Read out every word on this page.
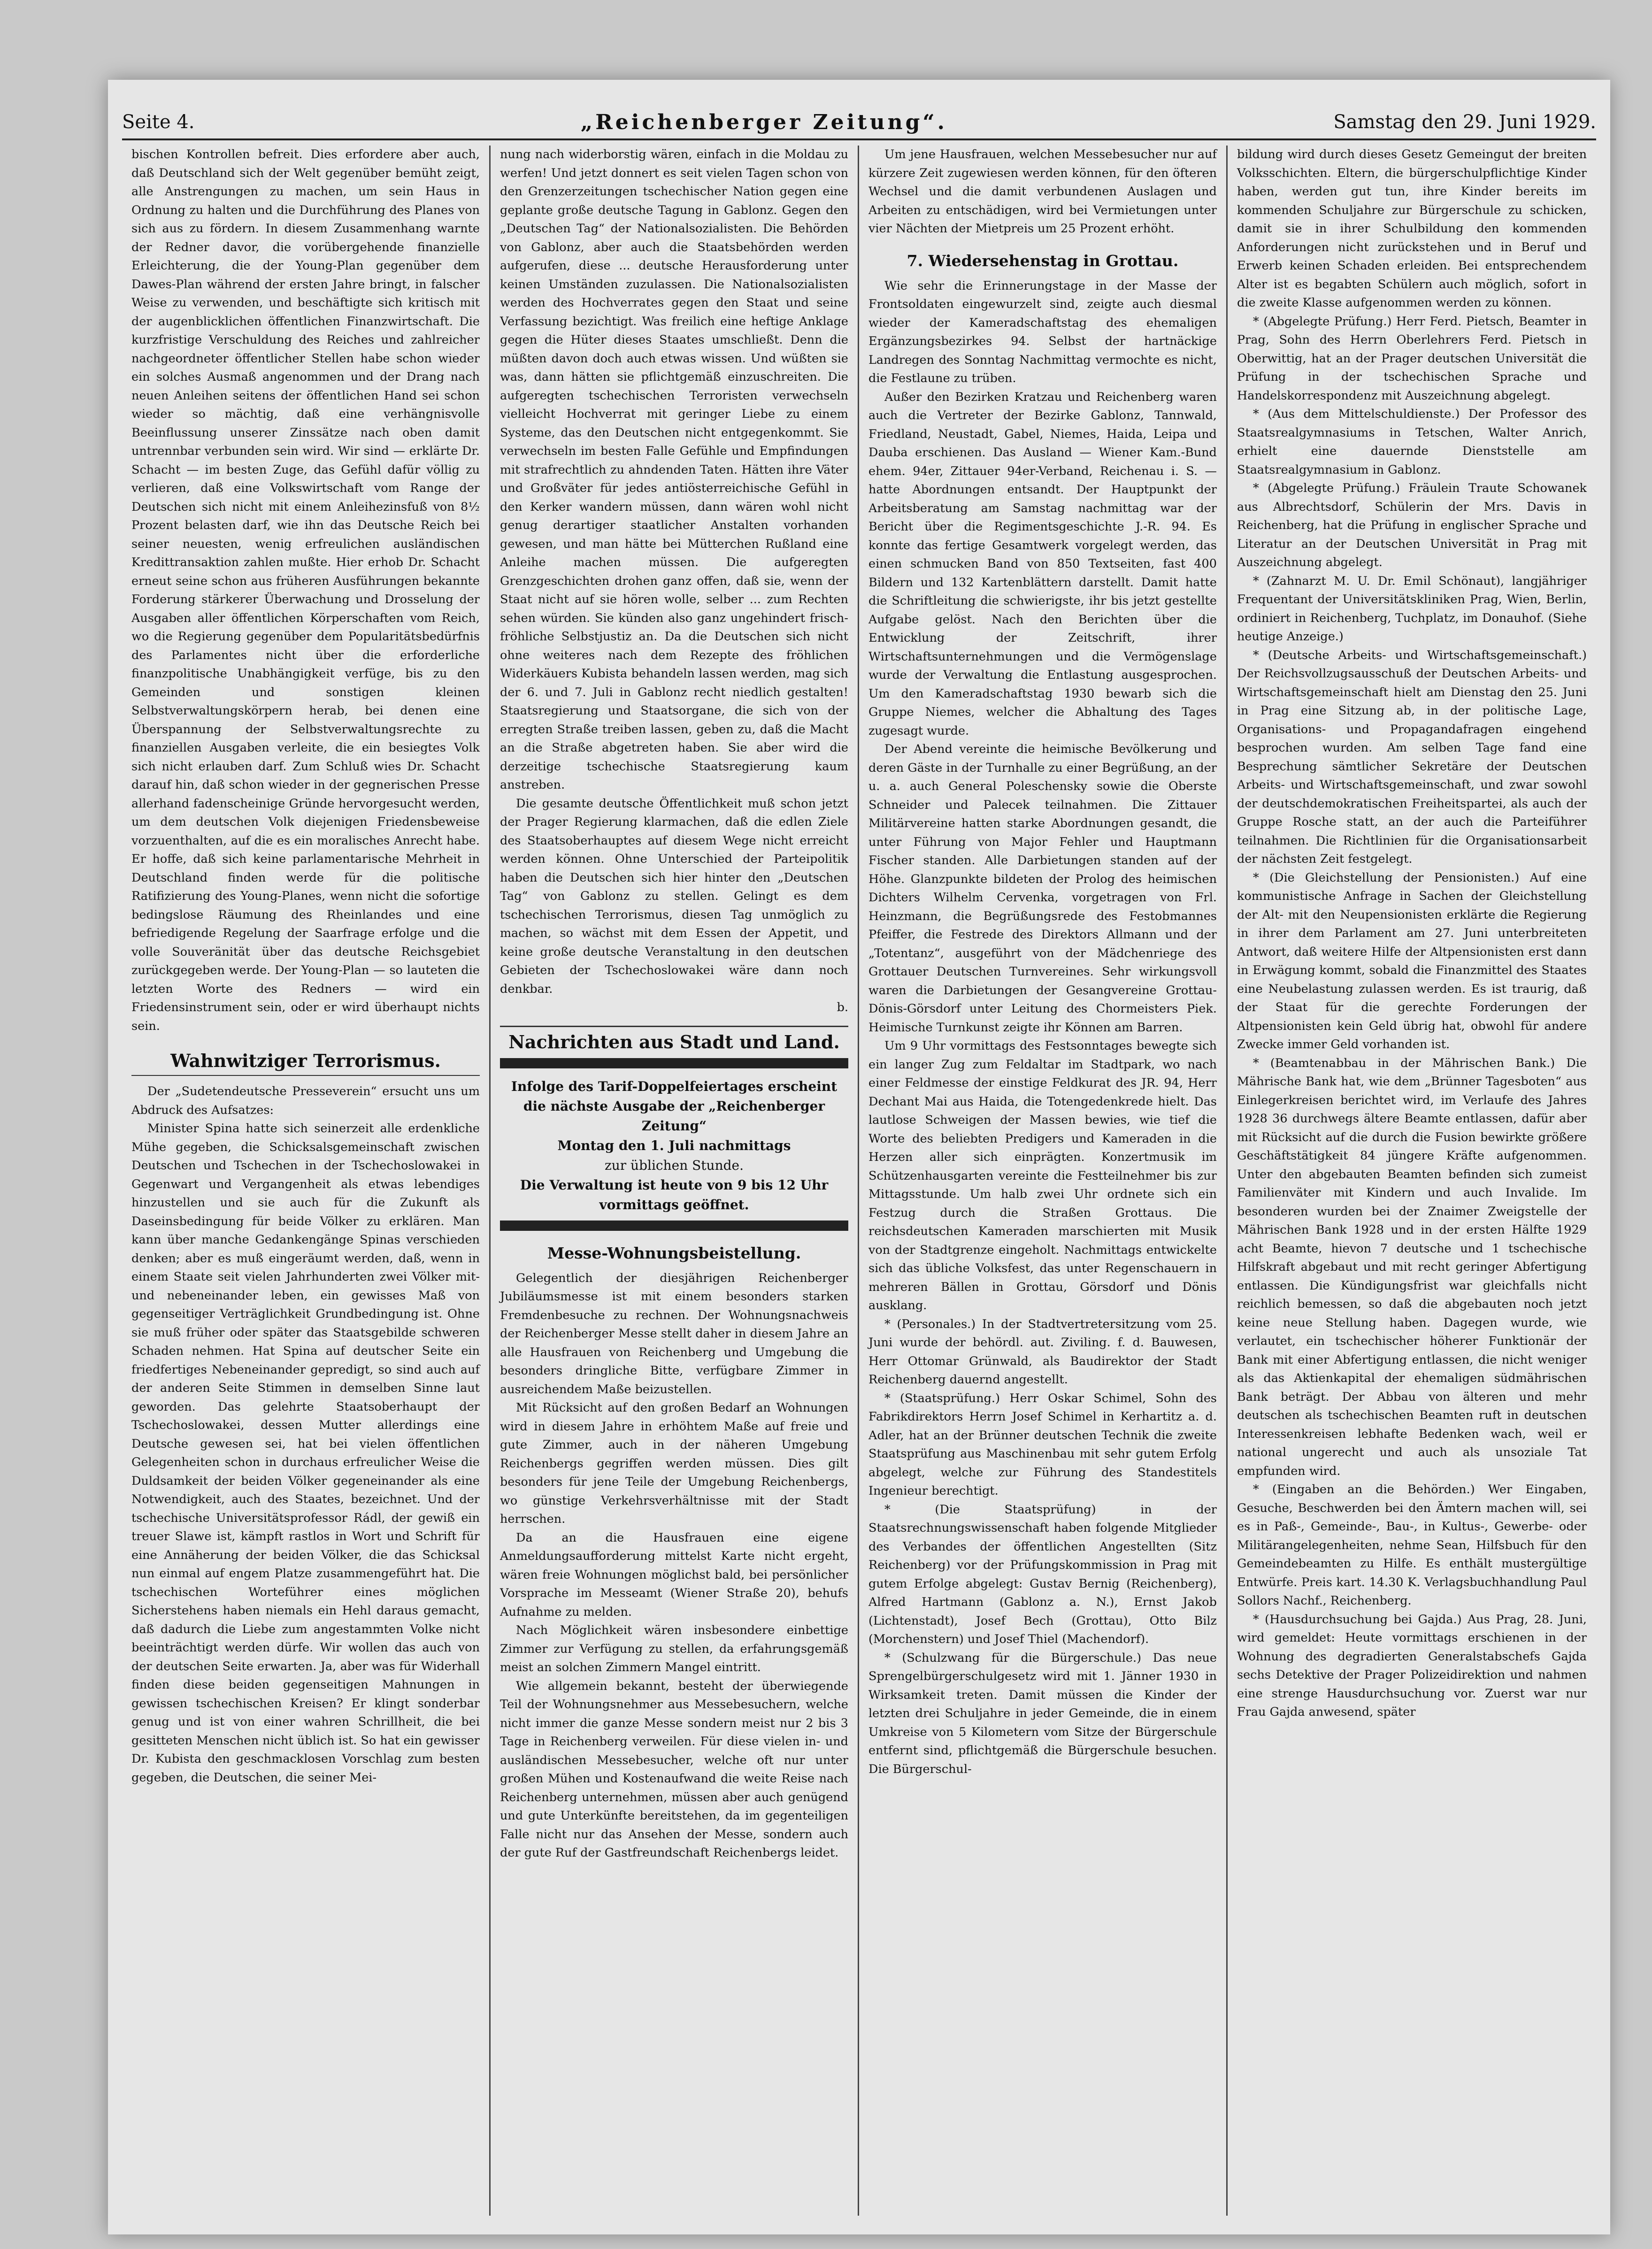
Seite 4.	„Reichenberger Zeitung“.	Samstag den 29. Juni 1929.

bischen Kontrollen befreit. Dies erfordere aber auch, daß Deutschland sich der Welt gegenüber bemüht zeigt, alle Anstrengungen zu machen, um sein Haus in Ordnung zu halten und die Durchführung des Planes von sich aus zu fördern. In diesem Zusammenhang warnte der Redner davor, die vorübergehende finanzielle Erleichterung, die der Young-Plan gegenüber dem Dawes-Plan während der ersten Jahre bringt, in falscher Weise zu verwenden, und beschäftigte sich kritisch mit der augenblicklichen öffentlichen Finanzwirtschaft. Die kurzfristige Verschuldung des Reiches und zahlreicher nachgeordneter öffentlicher Stellen habe schon wieder ein solches Ausmaß angenommen und der Drang nach neuen Anleihen seitens der öffentlichen Hand sei schon wieder so mächtig, daß eine verhängnisvolle Beeinflussung unserer Zinssätze nach oben damit untrennbar verbunden sein wird. Wir sind — erklärte Dr. Schacht — im besten Zuge, das Gefühl dafür völlig zu verlieren, daß eine Volkswirtschaft vom Range der Deutschen sich nicht mit einem Anleihezinsfuß von 8½ Prozent belasten darf, wie ihn das Deutsche Reich bei seiner neuesten, wenig erfreulichen ausländischen Kredittransaktion zahlen mußte. Hier erhob Dr. Schacht erneut seine schon aus früheren Ausführungen bekannte Forderung stärkerer Überwachung und Drosselung der Ausgaben aller öffentlichen Körperschaften vom Reich, wo die Regierung gegenüber dem Popularitätsbedürfnis des Parlamentes nicht über die erforderliche finanzpolitische Unabhängigkeit verfüge, bis zu den Gemeinden und sonstigen kleinen Selbstverwaltungskörpern herab, bei denen eine Überspannung der Selbstverwaltungsrechte zu finanziellen Ausgaben verleite, die ein besiegtes Volk sich nicht erlauben darf. Zum Schluß wies Dr. Schacht darauf hin, daß schon wieder in der gegnerischen Presse allerhand fadenscheinige Gründe hervorgesucht werden, um dem deutschen Volk diejenigen Friedensbeweise vorzuenthalten, auf die es ein moralisches Anrecht habe. Er hoffe, daß sich keine parlamentarische Mehrheit in Deutschland finden werde für die politische Ratifizierung des Young-Planes, wenn nicht die sofortige bedingslose Räumung des Rheinlandes und eine befriedigende Regelung der Saarfrage erfolge und die volle Souveränität über das deutsche Reichsgebiet zurückgegeben werde. Der Young-Plan — so lauteten die letzten Worte des Redners — wird ein Friedensinstrument sein, oder er wird überhaupt nichts sein.

Wahnwitziger Terrorismus.

Der „Sudetendeutsche Presseverein“ ersucht uns um Abdruck des Aufsatzes:

Minister Spina hatte sich seinerzeit alle erdenkliche Mühe gegeben, die Schicksalsgemeinschaft zwischen Deutschen und Tschechen in der Tschechoslowakei in Gegenwart und Vergangenheit als etwas lebendiges hinzustellen und sie auch für die Zukunft als Daseinsbedingung für beide Völker zu erklären. Man kann über manche Gedankengänge Spinas verschieden denken; aber es muß eingeräumt werden, daß, wenn in einem Staate seit vielen Jahrhunderten zwei Völker mit- und nebeneinander leben, ein gewisses Maß von gegenseitiger Verträglichkeit Grundbedingung ist. Ohne sie muß früher oder später das Staatsgebilde schweren Schaden nehmen. Hat Spina auf deutscher Seite ein friedfertiges Nebeneinander gepredigt, so sind auch auf der anderen Seite Stimmen in demselben Sinne laut geworden. Das gelehrte Staatsoberhaupt der Tschechoslowakei, dessen Mutter allerdings eine Deutsche gewesen sei, hat bei vielen öffentlichen Gelegenheiten schon in durchaus erfreulicher Weise die Duldsamkeit der beiden Völker gegeneinander als eine Notwendigkeit, auch des Staates, bezeichnet. Und der tschechische Universitätsprofessor Rádl, der gewiß ein treuer Slawe ist, kämpft rastlos in Wort und Schrift für eine Annäherung der beiden Völker, die das Schicksal nun einmal auf engem Platze zusammengeführt hat. Die tschechischen Worteführer eines möglichen Sicherstehens haben niemals ein Hehl daraus gemacht, daß dadurch die Liebe zum angestammten Volke nicht beeinträchtigt werden dürfe. Wir wollen das auch von der deutschen Seite erwarten. Ja, aber was für Widerhall finden diese beiden gegenseitigen Mahnungen in gewissen tschechischen Kreisen? Er klingt sonderbar genug und ist von einer wahren Schrillheit, die bei gesitteten Menschen nicht üblich ist. So hat ein gewisser Dr. Kubista den geschmacklosen Vorschlag zum besten gegeben, die Deutschen, die seiner Mei-

nung nach widerborstig wären, einfach in die Moldau zu werfen! Und jetzt donnert es seit vielen Tagen schon von den Grenzerzeitungen tschechischer Nation gegen eine geplante große deutsche Tagung in Gablonz. Gegen den „Deutschen Tag“ der Nationalsozialisten. Die Behörden von Gablonz, aber auch die Staatsbehörden werden aufgerufen, diese ... deutsche Herausforderung unter keinen Umständen zuzulassen. Die Nationalsozialisten werden des Hochverrates gegen den Staat und seine Verfassung bezichtigt. Was freilich eine heftige Anklage gegen die Hüter dieses Staates umschließt. Denn die müßten davon doch auch etwas wissen. Und wüßten sie was, dann hätten sie pflichtgemäß einzuschreiten. Die aufgeregten tschechischen Terroristen verwechseln vielleicht Hochverrat mit geringer Liebe zu einem Systeme, das den Deutschen nicht entgegenkommt. Sie verwechseln im besten Falle Gefühle und Empfindungen mit strafrechtlich zu ahndenden Taten. Hätten ihre Väter und Großväter für jedes antiösterreichische Gefühl in den Kerker wandern müssen, dann wären wohl nicht genug derartiger staatlicher Anstalten vorhanden gewesen, und man hätte bei Mütterchen Rußland eine Anleihe machen müssen. Die aufgeregten Grenzgeschichten drohen ganz offen, daß sie, wenn der Staat nicht auf sie hören wolle, selber ... zum Rechten sehen würden. Sie künden also ganz ungehindert frisch-fröhliche Selbstjustiz an. Da die Deutschen sich nicht ohne weiteres nach dem Rezepte des fröhlichen Widerkäuers Kubista behandeln lassen werden, mag sich der 6. und 7. Juli in Gablonz recht niedlich gestalten! Staatsregierung und Staatsorgane, die sich von der erregten Straße treiben lassen, geben zu, daß die Macht an die Straße abgetreten haben. Sie aber wird die derzeitige tschechische Staatsregierung kaum anstreben.

Die gesamte deutsche Öffentlichkeit muß schon jetzt der Prager Regierung klarmachen, daß die edlen Ziele des Staatsoberhauptes auf diesem Wege nicht erreicht werden können. Ohne Unterschied der Parteipolitik haben die Deutschen sich hier hinter den „Deutschen Tag“ von Gablonz zu stellen. Gelingt es dem tschechischen Terrorismus, diesen Tag unmöglich zu machen, so wächst mit dem Essen der Appetit, und keine große deutsche Veranstaltung in den deutschen Gebieten der Tschechoslowakei wäre dann noch denkbar.

b.
Nachrichten aus Stadt und Land.
Infolge des Tarif-Doppelfeiertages erscheint die nächste Ausgabe der „Reichenberger Zeitung“
Montag den 1. Juli nachmittags
zur üblichen Stunde.
Die Verwaltung ist heute von 9 bis 12 Uhr vormittags geöffnet.
Messe-Wohnungsbeistellung.

Gelegentlich der diesjährigen Reichenberger Jubiläumsmesse ist mit einem besonders starken Fremdenbesuche zu rechnen. Der Wohnungsnachweis der Reichenberger Messe stellt daher in diesem Jahre an alle Hausfrauen von Reichenberg und Umgebung die besonders dringliche Bitte, verfügbare Zimmer in ausreichendem Maße beizustellen.

Mit Rücksicht auf den großen Bedarf an Wohnungen wird in diesem Jahre in erhöhtem Maße auf freie und gute Zimmer, auch in der näheren Umgebung Reichenbergs gegriffen werden müssen. Dies gilt besonders für jene Teile der Umgebung Reichenbergs, wo günstige Verkehrsverhältnisse mit der Stadt herrschen.

Da an die Hausfrauen eine eigene Anmeldungsaufforderung mittelst Karte nicht ergeht, wären freie Wohnungen möglichst bald, bei persönlicher Vorsprache im Messeamt (Wiener Straße 20), behufs Aufnahme zu melden.

Nach Möglichkeit wären insbesondere einbettige Zimmer zur Verfügung zu stellen, da erfahrungsgemäß meist an solchen Zimmern Mangel eintritt.

Wie allgemein bekannt, besteht der überwiegende Teil der Wohnungsnehmer aus Messebesuchern, welche nicht immer die ganze Messe sondern meist nur 2 bis 3 Tage in Reichenberg verweilen. Für diese vielen in- und ausländischen Messebesucher, welche oft nur unter großen Mühen und Kostenaufwand die weite Reise nach Reichenberg unternehmen, müssen aber auch genügend und gute Unterkünfte bereitstehen, da im gegenteiligen Falle nicht nur das Ansehen der Messe, sondern auch der gute Ruf der Gastfreundschaft Reichenbergs leidet.

Um jene Hausfrauen, welchen Messebesucher nur auf kürzere Zeit zugewiesen werden können, für den öfteren Wechsel und die damit verbundenen Auslagen und Arbeiten zu entschädigen, wird bei Vermietungen unter vier Nächten der Mietpreis um 25 Prozent erhöht.

7. Wiedersehenstag in Grottau.

Wie sehr die Erinnerungstage in der Masse der Frontsoldaten eingewurzelt sind, zeigte auch diesmal wieder der Kameradschaftstag des ehemaligen Ergänzungsbezirkes 94. Selbst der hartnäckige Landregen des Sonntag Nachmittag vermochte es nicht, die Festlaune zu trüben.

Außer den Bezirken Kratzau und Reichenberg waren auch die Vertreter der Bezirke Gablonz, Tannwald, Friedland, Neustadt, Gabel, Niemes, Haida, Leipa und Dauba erschienen. Das Ausland — Wiener Kam.-Bund ehem. 94er, Zittauer 94er-Verband, Reichenau i. S. — hatte Abordnungen entsandt. Der Hauptpunkt der Arbeitsberatung am Samstag nachmittag war der Bericht über die Regimentsgeschichte J.-R. 94. Es konnte das fertige Gesamtwerk vorgelegt werden, das einen schmucken Band von 850 Textseiten, fast 400 Bildern und 132 Kartenblättern darstellt. Damit hatte die Schriftleitung die schwierigste, ihr bis jetzt gestellte Aufgabe gelöst. Nach den Berichten über die Entwicklung der Zeitschrift, ihrer Wirtschaftsunternehmungen und die Vermögenslage wurde der Verwaltung die Entlastung ausgesprochen. Um den Kameradschaftstag 1930 bewarb sich die Gruppe Niemes, welcher die Abhaltung des Tages zugesagt wurde.

Der Abend vereinte die heimische Bevölkerung und deren Gäste in der Turnhalle zu einer Begrüßung, an der u. a. auch General Poleschensky sowie die Oberste Schneider und Palecek teilnahmen. Die Zittauer Militärvereine hatten starke Abordnungen gesandt, die unter Führung von Major Fehler und Hauptmann Fischer standen. Alle Darbietungen standen auf der Höhe. Glanzpunkte bildeten der Prolog des heimischen Dichters Wilhelm Cervenka, vorgetragen von Frl. Heinzmann, die Begrüßungsrede des Festobmannes Pfeiffer, die Festrede des Direktors Allmann und der „Totentanz“, ausgeführt von der Mädchenriege des Grottauer Deutschen Turnvereines. Sehr wirkungsvoll waren die Darbietungen der Gesangvereine Grottau-Dönis-Görsdorf unter Leitung des Chormeisters Piek. Heimische Turnkunst zeigte ihr Können am Barren.

Um 9 Uhr vormittags des Festsonntages bewegte sich ein langer Zug zum Feldaltar im Stadtpark, wo nach einer Feldmesse der einstige Feldkurat des JR. 94, Herr Dechant Mai aus Haida, die Totengedenkrede hielt. Das lautlose Schweigen der Massen bewies, wie tief die Worte des beliebten Predigers und Kameraden in die Herzen aller sich einprägten. Konzertmusik im Schützenhausgarten vereinte die Festteilnehmer bis zur Mittagsstunde. Um halb zwei Uhr ordnete sich ein Festzug durch die Straßen Grottaus. Die reichsdeutschen Kameraden marschierten mit Musik von der Stadtgrenze eingeholt. Nachmittags entwickelte sich das übliche Volksfest, das unter Regenschauern in mehreren Bällen in Grottau, Görsdorf und Dönis ausklang.

* (Personales.) In der Stadtvertretersitzung vom 25. Juni wurde der behördl. aut. Ziviling. f. d. Bauwesen, Herr Ottomar Grünwald, als Baudirektor der Stadt Reichenberg dauernd angestellt.

* (Staatsprüfung.) Herr Oskar Schimel, Sohn des Fabrikdirektors Herrn Josef Schimel in Kerhartitz a. d. Adler, hat an der Brünner deutschen Technik die zweite Staatsprüfung aus Maschinenbau mit sehr gutem Erfolg abgelegt, welche zur Führung des Standestitels Ingenieur berechtigt.

* (Die Staatsprüfung) in der Staatsrechnungswissenschaft haben folgende Mitglieder des Verbandes der öffentlichen Angestellten (Sitz Reichenberg) vor der Prüfungskommission in Prag mit gutem Erfolge abgelegt: Gustav Bernig (Reichenberg), Alfred Hartmann (Gablonz a. N.), Ernst Jakob (Lichtenstadt), Josef Bech (Grottau), Otto Bilz (Morchenstern) und Josef Thiel (Machendorf).

* (Schulzwang für die Bürgerschule.) Das neue Sprengelbürgerschulgesetz wird mit 1. Jänner 1930 in Wirksamkeit treten. Damit müssen die Kinder der letzten drei Schuljahre in jeder Gemeinde, die in einem Umkreise von 5 Kilometern vom Sitze der Bürgerschule entfernt sind, pflichtgemäß die Bürgerschule besuchen. Die Bürgerschul-

bildung wird durch dieses Gesetz Gemeingut der breiten Volksschichten. Eltern, die bürgerschulpflichtige Kinder haben, werden gut tun, ihre Kinder bereits im kommenden Schuljahre zur Bürgerschule zu schicken, damit sie in ihrer Schulbildung den kommenden Anforderungen nicht zurückstehen und in Beruf und Erwerb keinen Schaden erleiden. Bei entsprechendem Alter ist es begabten Schülern auch möglich, sofort in die zweite Klasse aufgenommen werden zu können.

* (Abgelegte Prüfung.) Herr Ferd. Pietsch, Beamter in Prag, Sohn des Herrn Oberlehrers Ferd. Pietsch in Oberwittig, hat an der Prager deutschen Universität die Prüfung in der tschechischen Sprache und Handelskorrespondenz mit Auszeichnung abgelegt.

* (Aus dem Mittelschuldienste.) Der Professor des Staatsrealgymnasiums in Tetschen, Walter Anrich, erhielt eine dauernde Dienststelle am Staatsrealgymnasium in Gablonz.

* (Abgelegte Prüfung.) Fräulein Traute Schowanek aus Albrechtsdorf, Schülerin der Mrs. Davis in Reichenberg, hat die Prüfung in englischer Sprache und Literatur an der Deutschen Universität in Prag mit Auszeichnung abgelegt.

* (Zahnarzt M. U. Dr. Emil Schönaut), langjähriger Frequentant der Universitätskliniken Prag, Wien, Berlin, ordiniert in Reichenberg, Tuchplatz, im Donauhof. (Siehe heutige Anzeige.)

* (Deutsche Arbeits- und Wirtschaftsgemeinschaft.) Der Reichsvollzugsausschuß der Deutschen Arbeits- und Wirtschaftsgemeinschaft hielt am Dienstag den 25. Juni in Prag eine Sitzung ab, in der politische Lage, Organisations- und Propagandafragen eingehend besprochen wurden. Am selben Tage fand eine Besprechung sämtlicher Sekretäre der Deutschen Arbeits- und Wirtschaftsgemeinschaft, und zwar sowohl der deutschdemokratischen Freiheitspartei, als auch der Gruppe Rosche statt, an der auch die Parteiführer teilnahmen. Die Richtlinien für die Organisationsarbeit der nächsten Zeit festgelegt.

* (Die Gleichstellung der Pensionisten.) Auf eine kommunistische Anfrage in Sachen der Gleichstellung der Alt- mit den Neupensionisten erklärte die Regierung in ihrer dem Parlament am 27. Juni unterbreiteten Antwort, daß weitere Hilfe der Altpensionisten erst dann in Erwägung kommt, sobald die Finanzmittel des Staates eine Neubelastung zulassen werden. Es ist traurig, daß der Staat für die gerechte Forderungen der Altpensionisten kein Geld übrig hat, obwohl für andere Zwecke immer Geld vorhanden ist.

* (Beamtenabbau in der Mährischen Bank.) Die Mährische Bank hat, wie dem „Brünner Tagesboten“ aus Einlegerkreisen berichtet wird, im Verlaufe des Jahres 1928 36 durchwegs ältere Beamte entlassen, dafür aber mit Rücksicht auf die durch die Fusion bewirkte größere Geschäftstätigkeit 84 jüngere Kräfte aufgenommen. Unter den abgebauten Beamten befinden sich zumeist Familienväter mit Kindern und auch Invalide. Im besonderen wurden bei der Znaimer Zweigstelle der Mährischen Bank 1928 und in der ersten Hälfte 1929 acht Beamte, hievon 7 deutsche und 1 tschechische Hilfskraft abgebaut und mit recht geringer Abfertigung entlassen. Die Kündigungsfrist war gleichfalls nicht reichlich bemessen, so daß die abgebauten noch jetzt keine neue Stellung haben. Dagegen wurde, wie verlautet, ein tschechischer höherer Funktionär der Bank mit einer Abfertigung entlassen, die nicht weniger als das Aktienkapital der ehemaligen südmährischen Bank beträgt. Der Abbau von älteren und mehr deutschen als tschechischen Beamten ruft in deutschen Interessenkreisen lebhafte Bedenken wach, weil er national ungerecht und auch als unsoziale Tat empfunden wird.

* (Eingaben an die Behörden.) Wer Eingaben, Gesuche, Beschwerden bei den Ämtern machen will, sei es in Paß-, Gemeinde-, Bau-, in Kultus-, Gewerbe- oder Militärangelegenheiten, nehme Sean, Hilfsbuch für den Gemeindebeamten zu Hilfe. Es enthält mustergültige Entwürfe. Preis kart. 14.30 K. Verlagsbuchhandlung Paul Sollors Nachf., Reichenberg.

* (Hausdurchsuchung bei Gajda.) Aus Prag, 28. Juni, wird gemeldet: Heute vormittags erschienen in der Wohnung des degradierten Generalstabschefs Gajda sechs Detektive der Prager Polizeidirektion und nahmen eine strenge Hausdurchsuchung vor. Zuerst war nur Frau Gajda anwesend, später
